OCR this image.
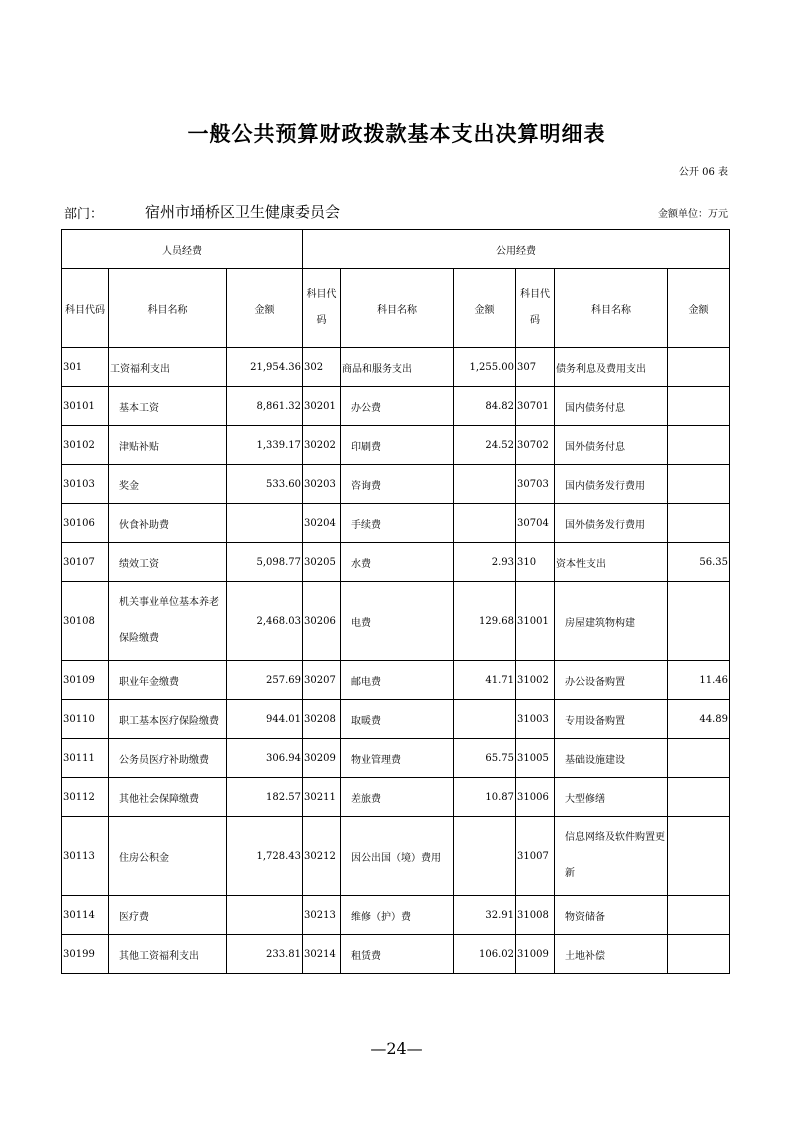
一般公共预算财政拨款基本支出决算明细表
公开 06 表
部门：	宿州市埇桥区卫生健康委员会	金额单位：万元
人员经费			公用经费					
科目代码	科目名称	金额	科目代码	科目名称	金额	科目代码	科目名称	金额
301	工资福利支出	21,954.36	302	商品和服务支出	1,255.00	307	债务利息及费用支出	
30101	基本工资	8,861.32	30201	办公费	84.82	30701	国内债务付息	
30102	津贴补贴	1,339.17	30202	印刷费	24.52	30702	国外债务付息	
30103	奖金	533.60	30203	咨询费		30703	国内债务发行费用	
30106	伙食补助费		30204	手续费		30704	国外债务发行费用	
30107	绩效工资	5,098.77	30205	水费	2.93	310	资本性支出	56.35
30108	机关事业单位基本养老保险缴费	2,468.03	30206	电费	129.68	31001	房屋建筑物构建	
30109	职业年金缴费	257.69	30207	邮电费	41.71	31002	办公设备购置	11.46
30110	职工基本医疗保险缴费	944.01	30208	取暖费		31003	专用设备购置	44.89
30111	公务员医疗补助缴费	306.94	30209	物业管理费	65.75	31005	基础设施建设	
30112	其他社会保障缴费	182.57	30211	差旅费	10.87	31006	大型修缮	
30113	住房公积金	1,728.43	30212	因公出国（境）费用		31007	信息网络及软件购置更新	
30114	医疗费		30213	维修（护）费	32.91	31008	物资储备	
30199	其他工资福利支出	233.81	30214	租赁费	106.02	31009	土地补偿	
—24—
